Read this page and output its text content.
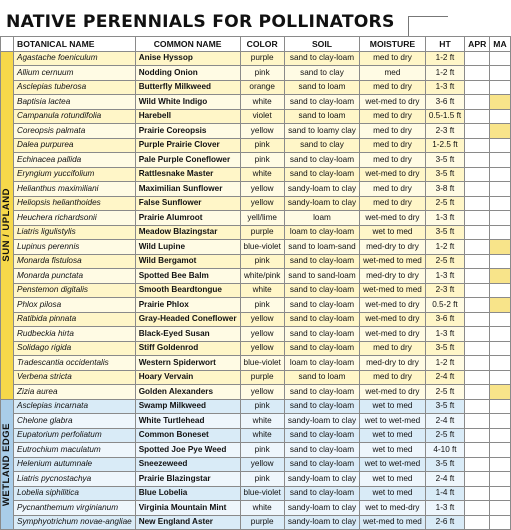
NATIVE PERENNIALS FOR POLLINATORS
	BOTANICAL NAME	COMMON NAME	COLOR	SOIL	MOISTURE	HT	APR	MA

SUN / UPLAND	Agastache foeniculum	Anise Hyssop	purple	sand to clay-loam	med to dry	1-2 ft		
	Allium cernuum	Nodding Onion	pink	sand to clay	med	1-2 ft		
	Asclepias tuberosa	Butterfly Milkweed	orange	sand to loam	med to dry	1-3 ft		
	Baptisia lactea	Wild White Indigo	white	sand to clay-loam	wet-med to dry	3-6 ft		
	Campanula rotundifolia	Harebell	violet	sand to loam	med to dry	0.5-1.5 ft		
	Coreopsis palmata	Prairie Coreopsis	yellow	sand to loamy clay	med to dry	2-3 ft		
	Dalea purpurea	Purple Prairie Clover	pink	sand to clay	med to dry	1-2.5 ft		
	Echinacea pallida	Pale Purple Coneflower	pink	sand to clay-loam	med to dry	3-5 ft		
	Eryngium yuccifolium	Rattlesnake Master	white	sand to clay-loam	wet-med to dry	3-5 ft		
	Helianthus maximiliani	Maximilian Sunflower	yellow	sandy-loam to clay	med to dry	3-8 ft		
	Heliopsis helianthoides	False Sunflower	yellow	sandy-loam to clay	med to dry	2-5 ft		
	Heuchera richardsonii	Prairie Alumroot	yell/lime	loam	wet-med to dry	1-3 ft		
	Liatris ligulistylis	Meadow Blazingstar	purple	loam to clay-loam	wet to med	3-5 ft		
	Lupinus perennis	Wild Lupine	blue-violet	sand to loam-sand	med-dry to dry	1-2 ft		
	Monarda fistulosa	Wild Bergamot	pink	sand to clay-loam	wet-med to med	2-5 ft		
	Monarda punctata	Spotted Bee Balm	white/pink	sand to sand-loam	med-dry to dry	1-3 ft		
	Penstemon digitalis	Smooth Beardtongue	white	sand to clay-loam	wet-med to med	2-3 ft		
	Phlox pilosa	Prairie Phlox	pink	sand to clay-loam	wet-med to dry	0.5-2 ft		
	Ratibida pinnata	Gray-Headed Coneflower	yellow	sand to clay-loam	wet-med to dry	3-6 ft		
	Rudbeckia hirta	Black-Eyed Susan	yellow	sand to clay-loam	wet-med to dry	1-3 ft		
	Solidago rigida	Stiff Goldenrod	yellow	sand to clay-loam	med to dry	3-5 ft		
	Tradescantia occidentalis	Western Spiderwort	blue-violet	loam to clay-loam	med-dry to dry	1-2 ft		
	Verbena stricta	Hoary Vervain	purple	sand to loam	med to dry	2-4 ft		
	Zizia aurea	Golden Alexanders	yellow	sand to clay-loam	wet-med to dry	2-5 ft		

WETLAND EDGE	Asclepias incarnata	Swamp Milkweed	pink	sand to clay-loam	wet to med	3-5 ft		
	Chelone glabra	White Turtlehead	white	sandy-loam to clay	wet to wet-med	2-4 ft		
	Eupatorium perfoliatum	Common Boneset	white	sand to clay-loam	wet to med	2-5 ft		
	Eutrochium maculatum	Spotted Joe Pye Weed	pink	sand to clay-loam	wet to med	4-10 ft		
	Helenium autumnale	Sneezeweed	yellow	sand to clay-loam	wet to wet-med	3-5 ft		
	Liatris pycnostachya	Prairie Blazingstar	pink	sandy-loam to clay	wet to med	2-4 ft		
	Lobelia siphilitica	Blue Lobelia	blue-violet	sand to clay-loam	wet to med	1-4 ft		
	Pycnanthemum virginianum	Virginia Mountain Mint	white	sandy-loam to clay	wet to med-dry	1-3 ft		
	Symphyotrichum novae-angliae	New England Aster	purple	sandy-loam to clay	wet-med to med	2-6 ft		
